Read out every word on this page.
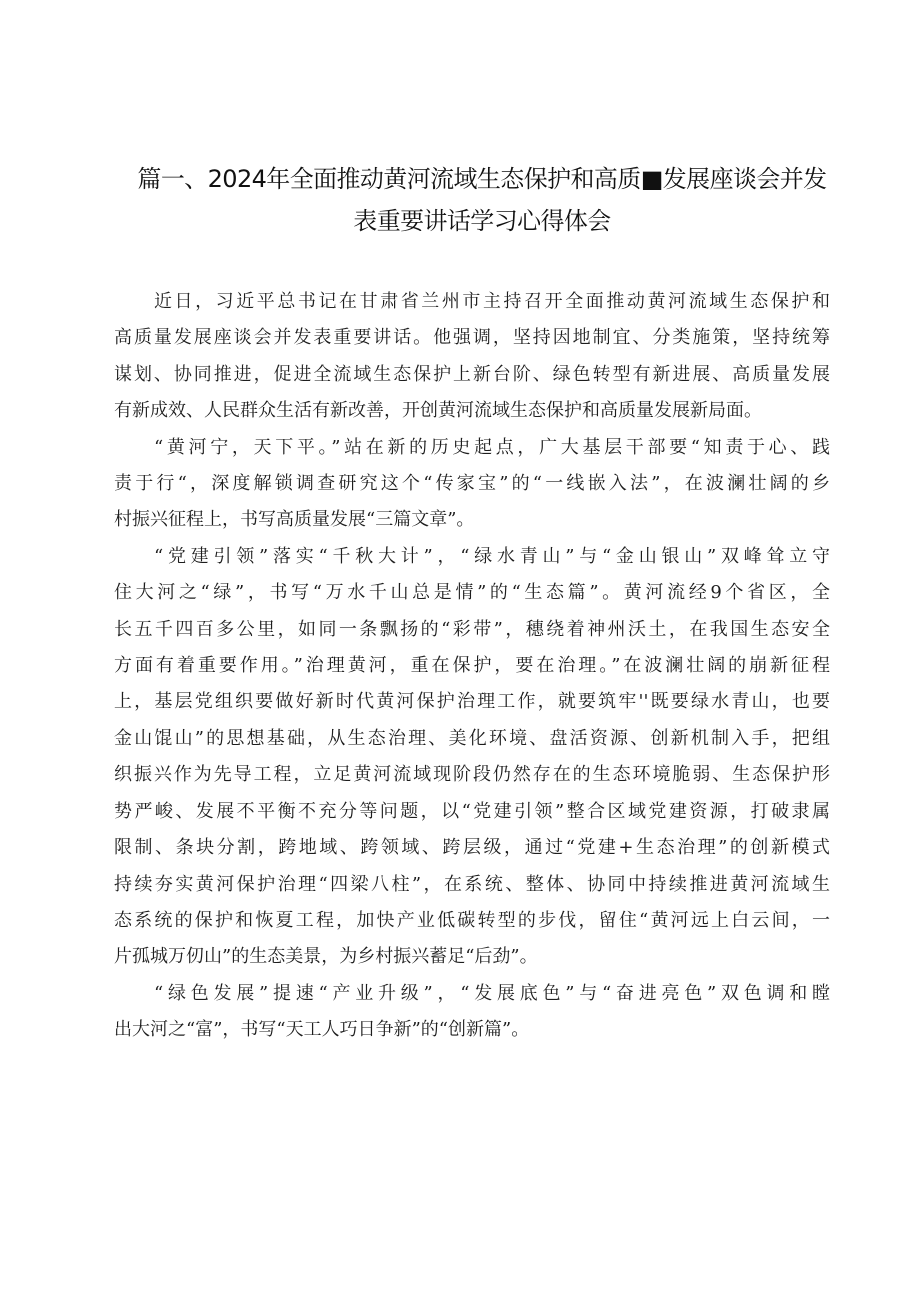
篇一、2024年全面推动黄河流域生态保护和高质■发展座谈会并发
表重要讲话学习心得体会

近日，习近平总书记在甘肃省兰州市主持召开全面推动黄河流域生态保护和
高质量发展座谈会并发表重要讲话。他强调，坚持因地制宜、分类施策，坚持统筹
谋划、协同推进，促进全流域生态保护上新台阶、绿色转型有新进展、高质量发展
有新成效、人民群众生活有新改善，开创黄河流域生态保护和高质量发展新局面。

“黄河宁，天下平。”站在新的历史起点，广大基层干部要“知责于心、践
责于行“，深度解锁调查研究这个“传家宝”的“一线嵌入法”，在波澜壮阔的乡
村振兴征程上，书写高质量发展“三篇文章”。

“党建引领”落实“千秋大计”，“绿水青山”与“金山银山”双峰耸立守
住大河之“绿”，书写“万水千山总是情”的“生态篇”。黄河流经9个省区，全
长五千四百多公里，如同一条飘扬的“彩带”，穗绕着神州沃土，在我国生态安全
方面有着重要作用。”治理黄河，重在保护，要在治理。”在波澜壮阔的崩新征程
上，基层党组织要做好新时代黄河保护治理工作，就要筑牢''既要绿水青山，也要
金山馄山”的思想基础，从生态治理、美化环境、盘活资源、创新机制入手，把组
织振兴作为先导工程，立足黄河流域现阶段仍然存在的生态环境脆弱、生态保护形
势严峻、发展不平衡不充分等问题，以“党建引领”整合区域党建资源，打破隶属
限制、条块分割，跨地域、跨领域、跨层级，通过“党建+生态治理”的创新模式
持续夯实黄河保护治理“四梁八柱”，在系统、整体、协同中持续推进黄河流域生
态系统的保护和恢夏工程，加快产业低碳转型的步伐，留住“黄河远上白云间，一
片孤城万仞山”的生态美景，为乡村振兴蓄足“后劲”。

“绿色发展”提速“产业升级”，“发展底色”与“奋进亮色”双色调和瞠
出大河之“富”，书写“天工人巧日争新”的“创新篇”。
